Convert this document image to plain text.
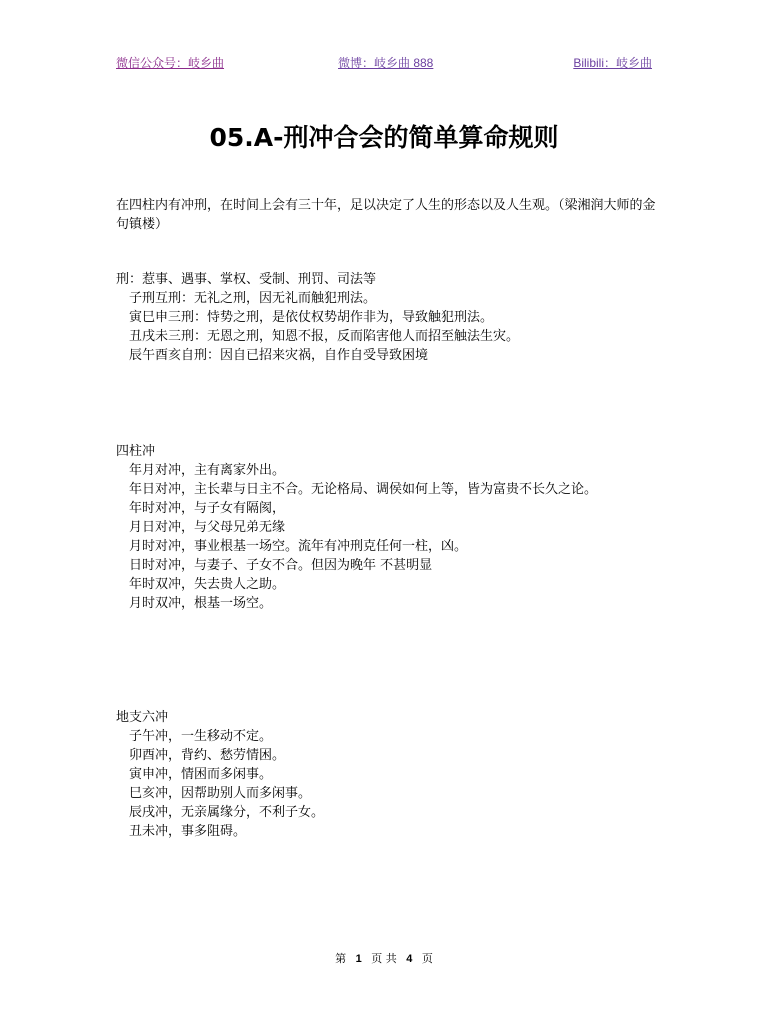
微信公众号：岐乡曲	微博：岐乡曲 888	Bilibili：岐乡曲
05.A-刑冲合会的简单算命规则
在四柱内有冲刑，在时间上会有三十年，足以决定了人生的形态以及人生观。（梁湘润大师的金句镇楼）

刑：惹事、遇事、掌权、受制、刑罚、司法等

子刑互刑：无礼之刑，因无礼而触犯刑法。

寅巳申三刑：恃势之刑，是依仗权势胡作非为，导致触犯刑法。

丑戌未三刑：无恩之刑，知恩不报，反而陷害他人而招至触法生灾。

辰午酉亥自刑：因自已招来灾祸，自作自受导致困境

四柱冲

年月对冲，主有离家外出。

年日对冲，主长辈与日主不合。无论格局、调侯如何上等，皆为富贵不长久之论。

年时对冲，与子女有隔阂，

月日对冲，与父母兄弟无缘

月时对冲，事业根基一场空。流年有冲刑克任何一柱，凶。

日时对冲，与妻子、子女不合。但因为晚年 不甚明显

年时双冲，失去贵人之助。

月时双冲，根基一场空。

地支六冲

子午冲，一生移动不定。

卯酉冲，背约、愁劳情困。

寅申冲，情困而多闲事。

巳亥冲，因帮助别人而多闲事。

辰戌冲，无亲属缘分，不利子女。

丑未冲，事多阻碍。

第 1 页 共 4 页
